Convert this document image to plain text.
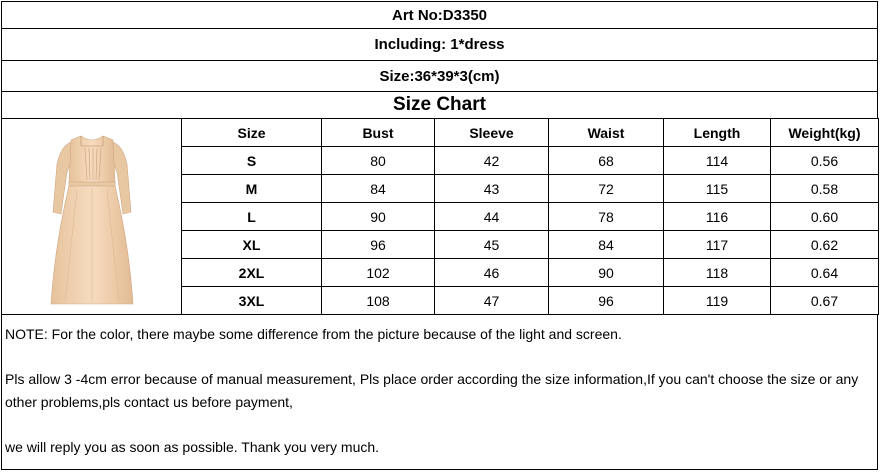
Art No:D3350
Including: 1*dress
Size:36*39*3(cm)
Size Chart
Size	Bust	Sleeve	Waist	Length	Weight(kg)
S	80	42	68	114	0.56
M	84	43	72	115	0.58
L	90	44	78	116	0.60
XL	96	45	84	117	0.62
2XL	102	46	90	118	0.64
3XL	108	47	96	119	0.67

NOTE: For the color, there maybe some difference from the picture because of the light and screen.

Pls allow 3 -4cm error because of manual measurement, Pls place order according the size information,If you can't choose the size or any other problems,pls contact us before payment,

we will reply you as soon as possible. Thank you very much.
